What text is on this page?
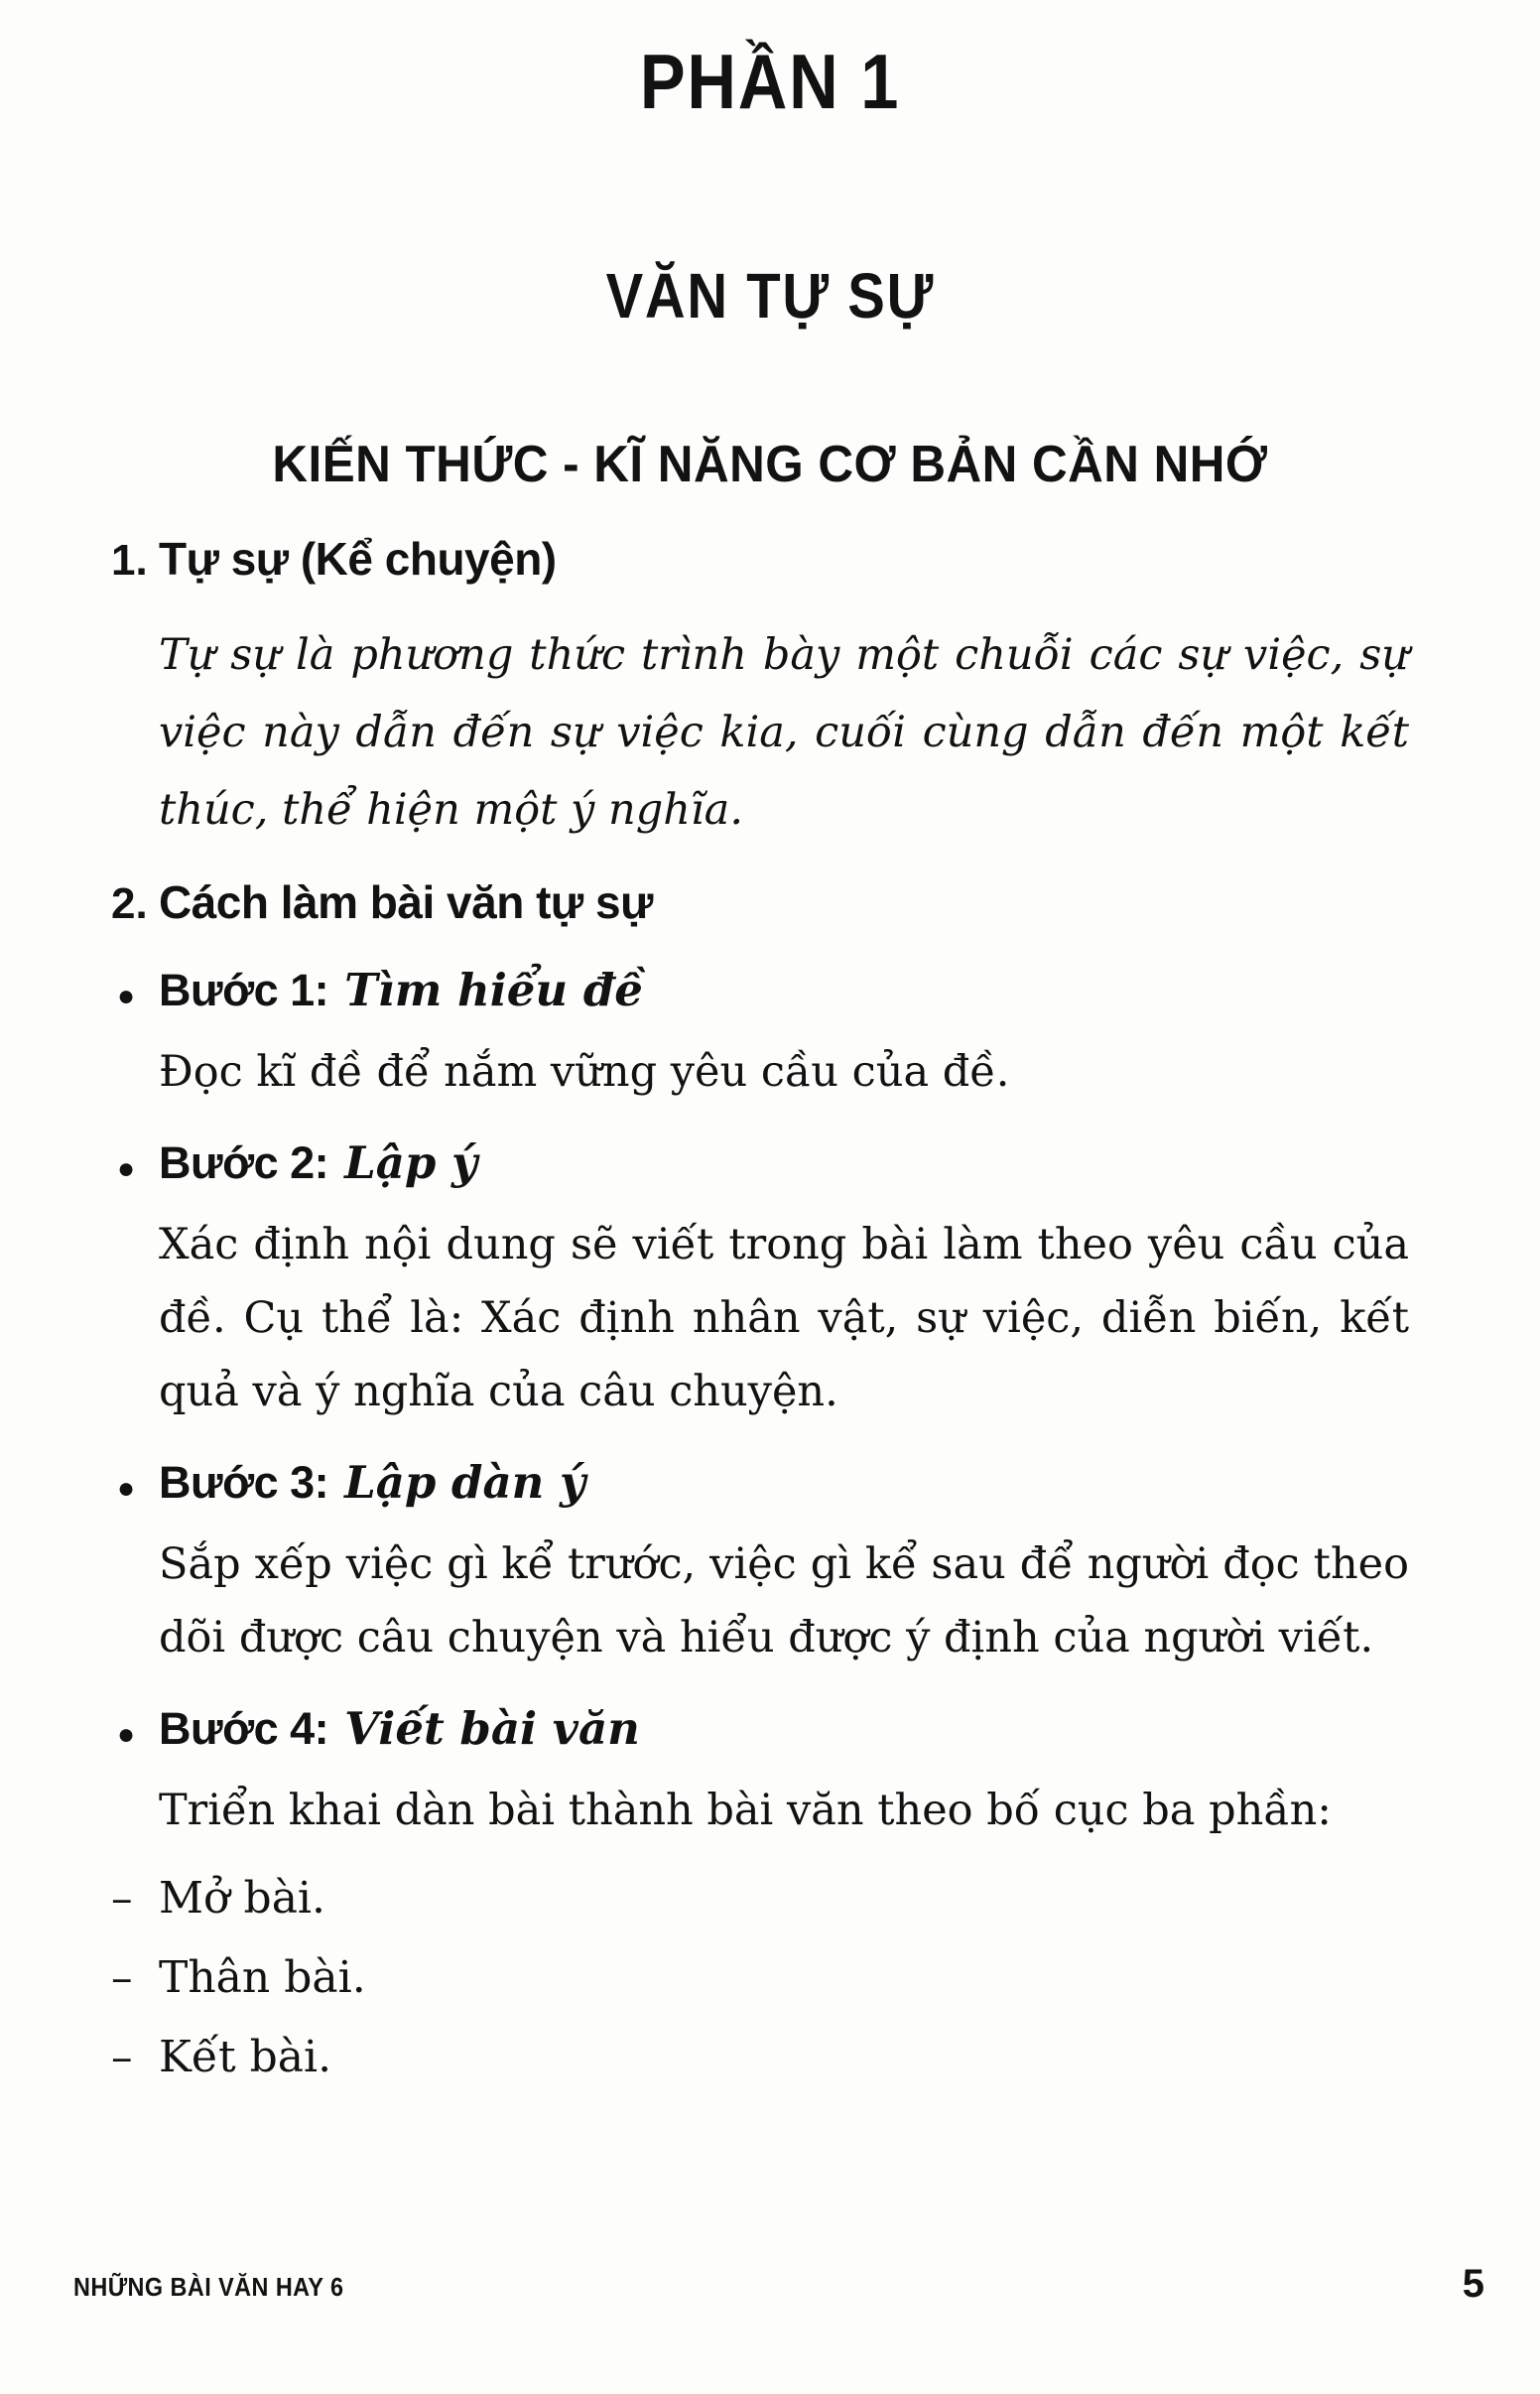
PHẦN 1
VĂN TỰ SỰ
KIẾN THỨC - KĨ NĂNG CƠ BẢN CẦN NHỚ
1. Tự sự (Kể chuyện)

Tự sự là phương thức trình bày một chuỗi các sự việc, sự việc này dẫn đến sự việc kia, cuối cùng dẫn đến một kết thúc, thể hiện một ý nghĩa.

2. Cách làm bài văn tự sự
● Bước 1: Tìm hiểu đề

Đọc kĩ đề để nắm vững yêu cầu của đề.

● Bước 2: Lập ý

Xác định nội dung sẽ viết trong bài làm theo yêu cầu của đề. Cụ thể là: Xác định nhân vật, sự việc, diễn biến, kết quả và ý nghĩa của câu chuyện.

● Bước 3: Lập dàn ý

Sắp xếp việc gì kể trước, việc gì kể sau để người đọc theo dõi được câu chuyện và hiểu được ý định của người viết.

● Bước 4: Viết bài văn

Triển khai dàn bài thành bài văn theo bố cục ba phần:

– Mở bài.
– Thân bài.
– Kết bài.
NHỮNG BÀI VĂN HAY 6	5
